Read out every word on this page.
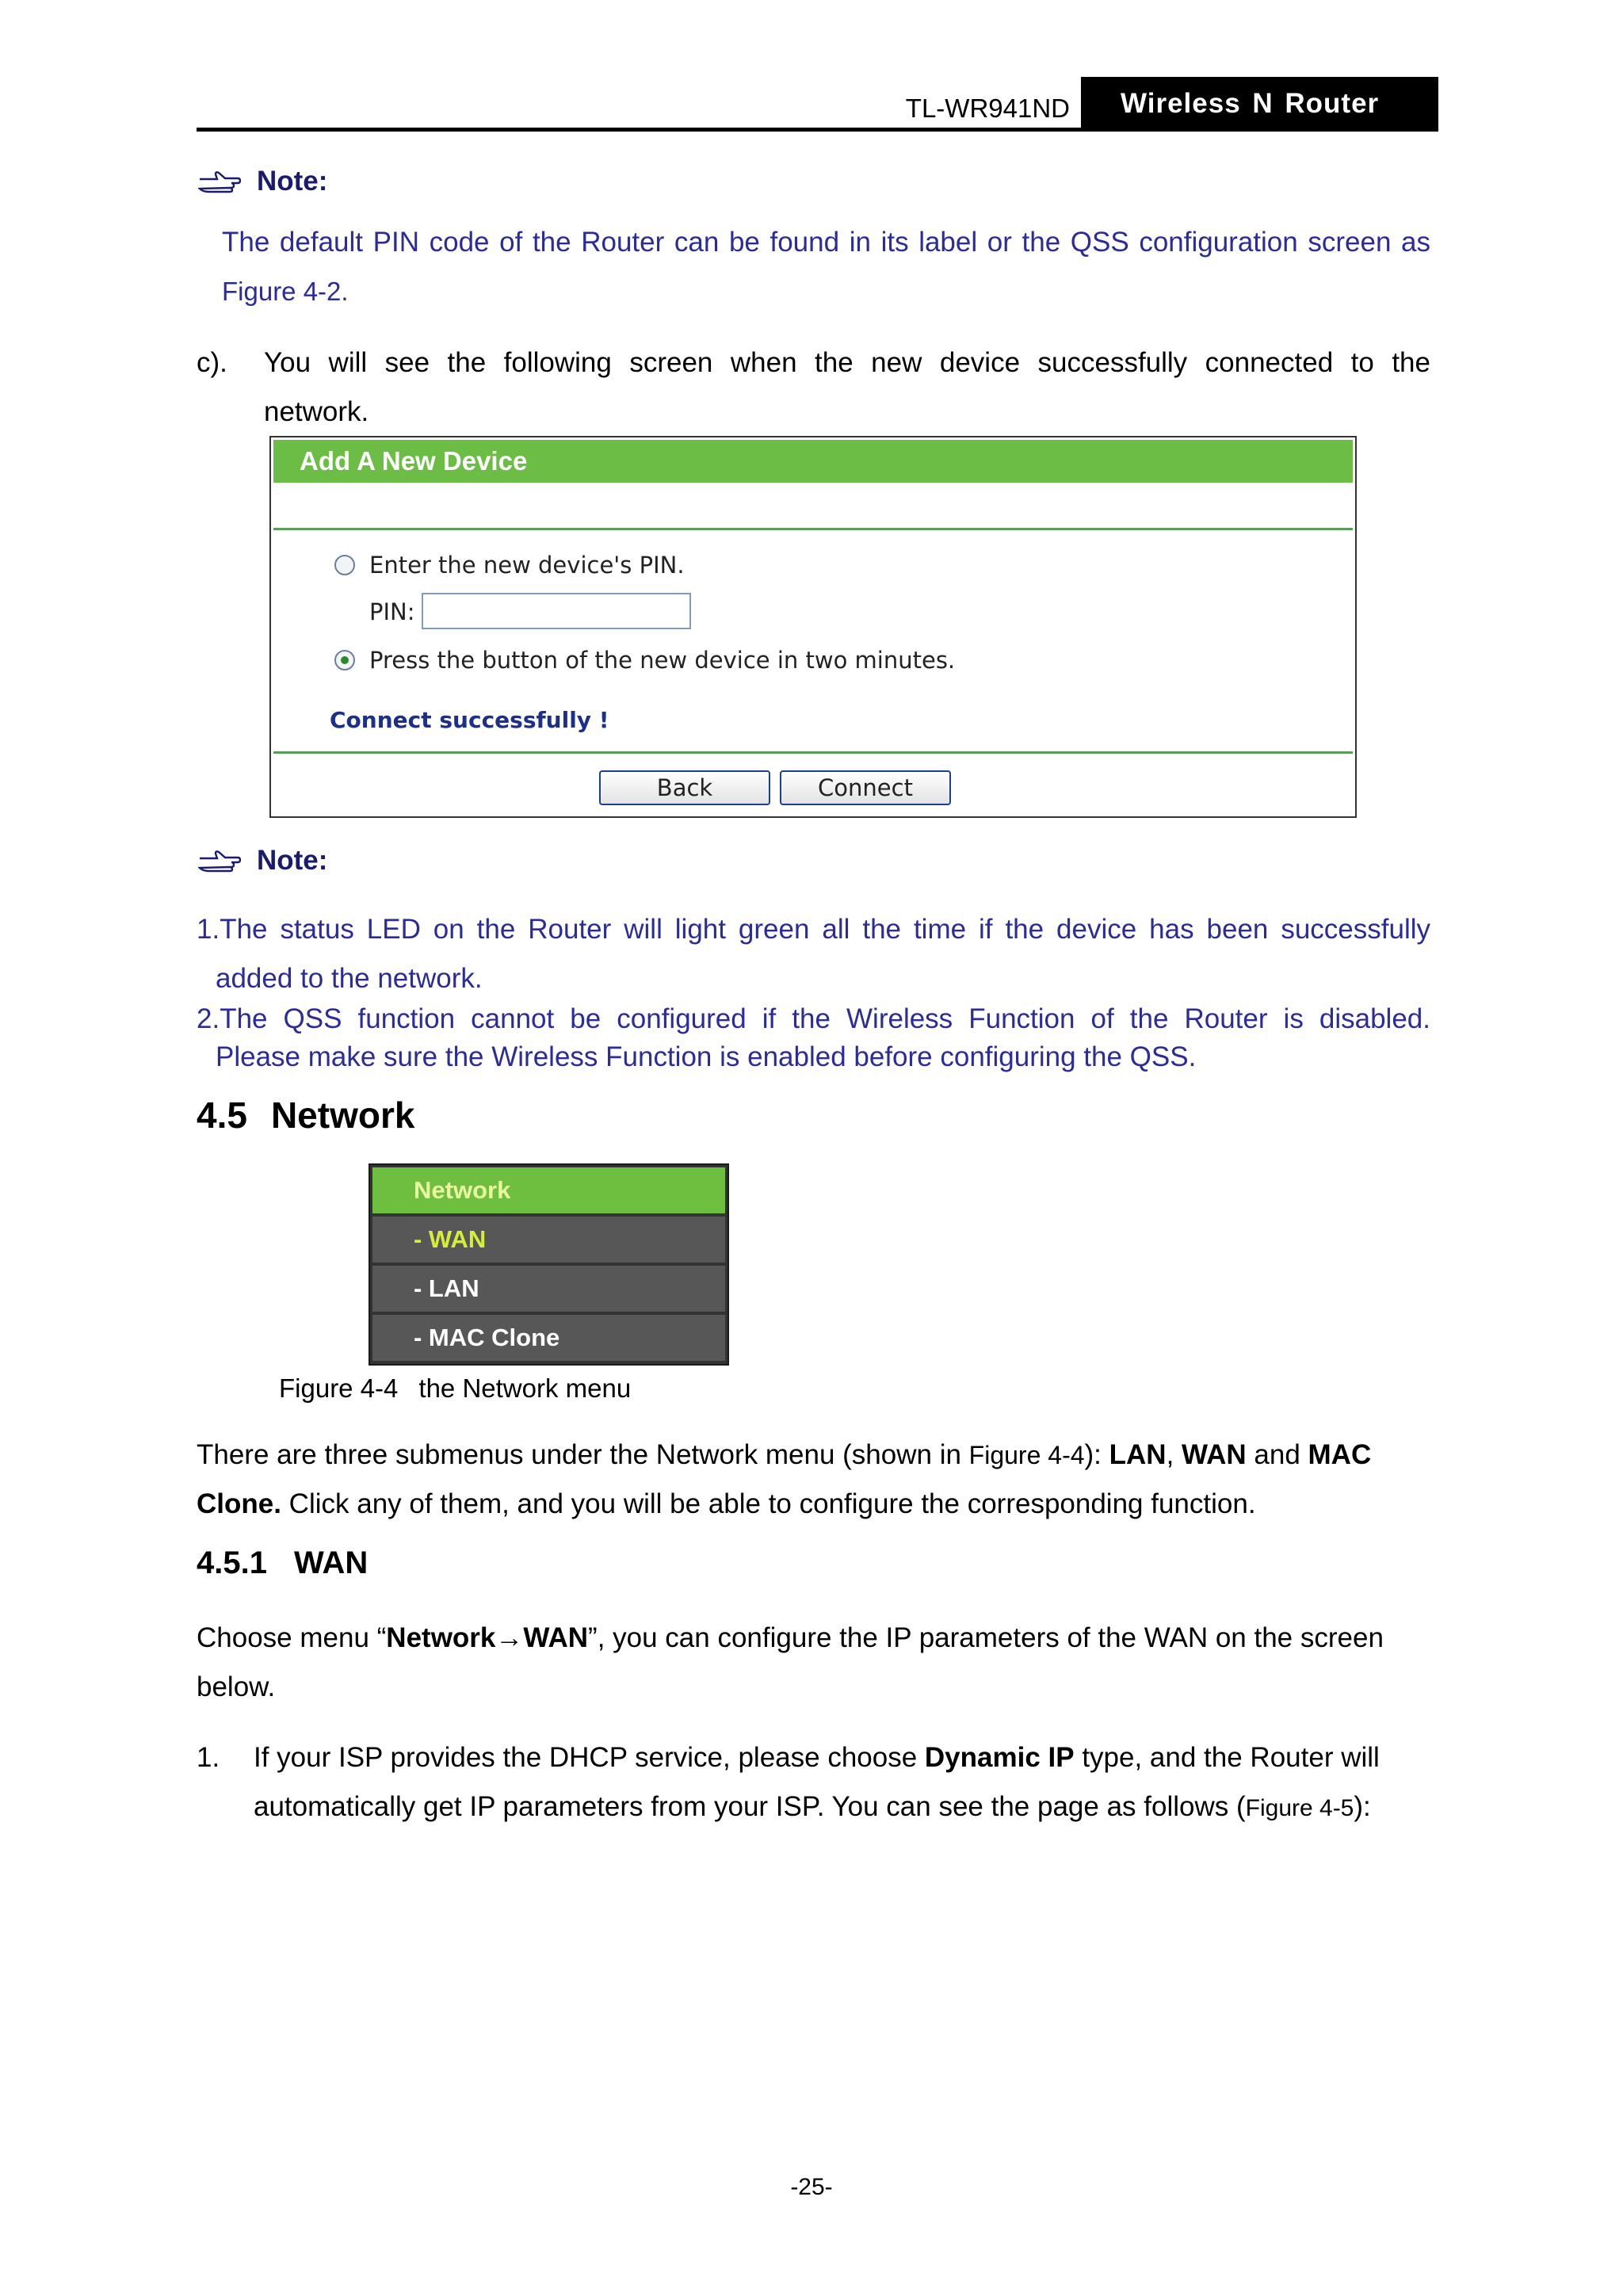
TL-WR941ND	Wireless N Router
Note:
The default PIN code of the Router can be found in its label or the QSS configuration screen as
Figure 4-2.
c). You will see the following screen when the new device successfully connected to the
network.
Add A New Device
Enter the new device's PIN.
PIN:
Press the button of the new device in two minutes.
Connect successfully !
Back	Connect
Note:
1.The status LED on the Router will light green all the time if the device has been successfully
added to the network.
2.The QSS function cannot be configured if the Wireless Function of the Router is disabled.
Please make sure the Wireless Function is enabled before configuring the QSS.
4.5 Network
Network
- WAN
- LAN
- MAC Clone
Figure 4-4 the Network menu
There are three submenus under the Network menu (shown in Figure 4-4): LAN, WAN and MAC
Clone. Click any of them, and you will be able to configure the corresponding function.
4.5.1 WAN
Choose menu “Network→WAN”, you can configure the IP parameters of the WAN on the screen
below.
1. If your ISP provides the DHCP service, please choose Dynamic IP type, and the Router will
automatically get IP parameters from your ISP. You can see the page as follows (Figure 4-5):
-25-
